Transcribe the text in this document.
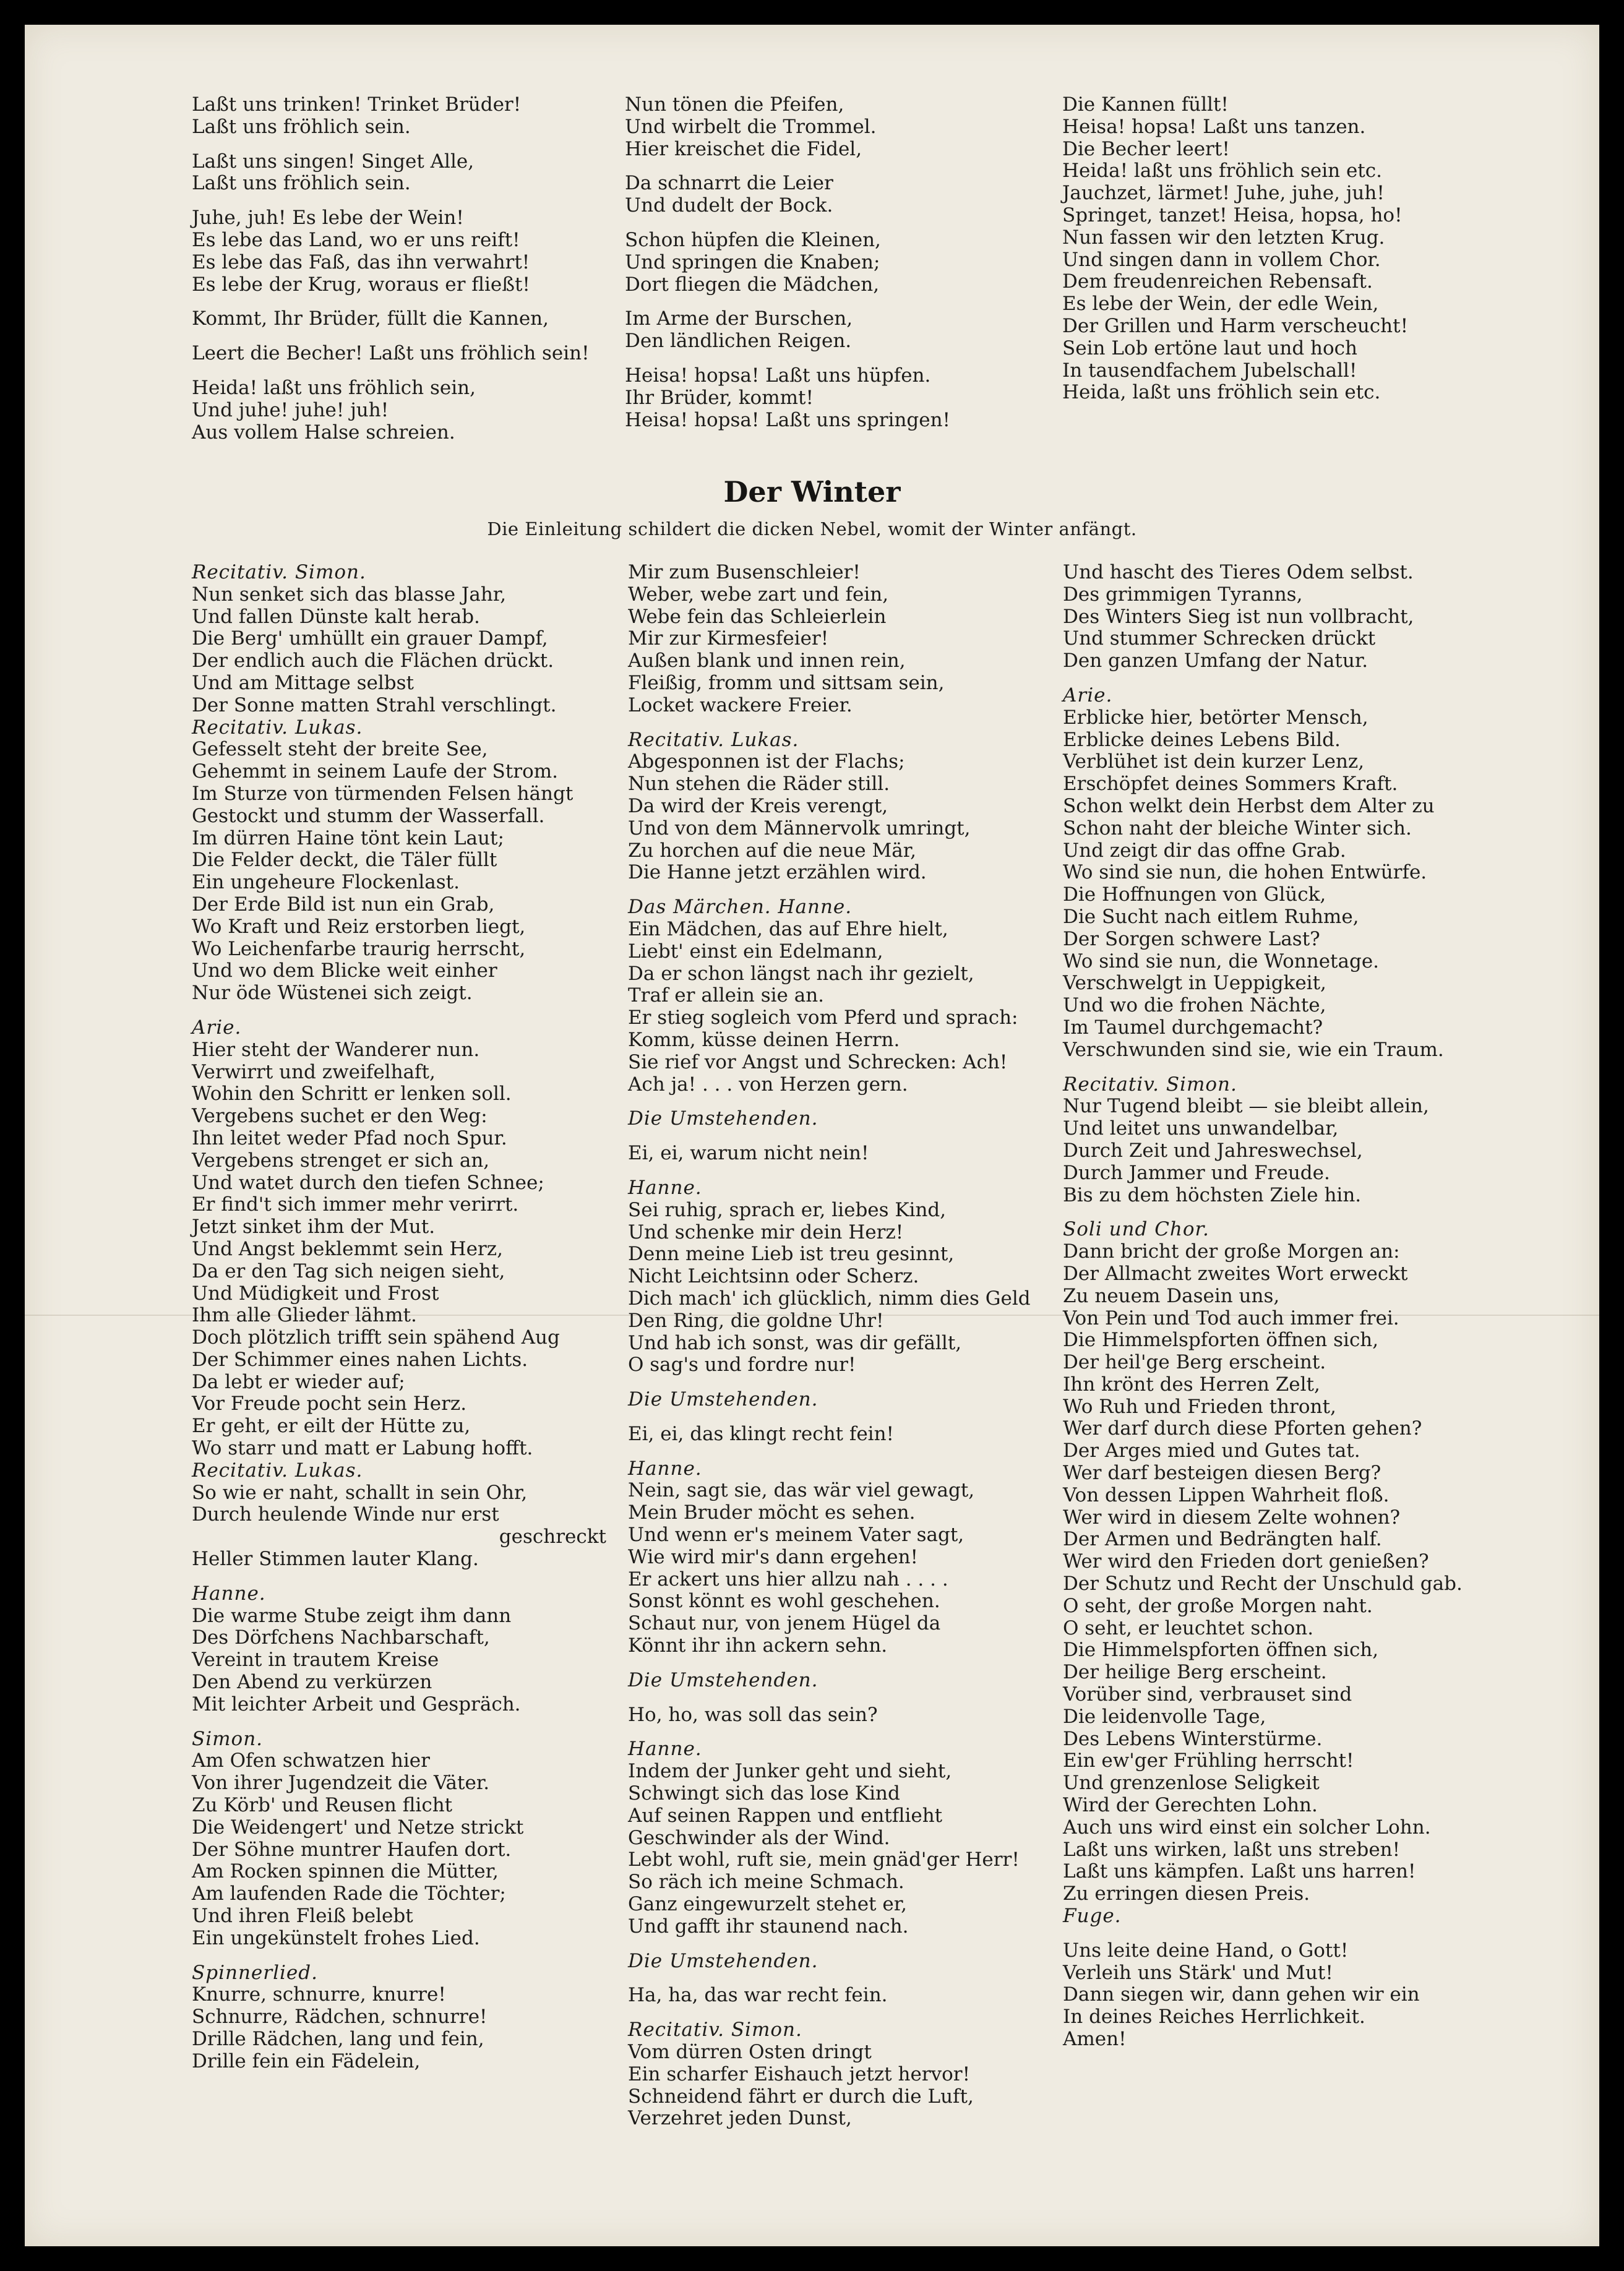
Laßt uns trinken! Trinket Brüder!
Laßt uns fröhlich sein.
Laßt uns singen! Singet Alle,
Laßt uns fröhlich sein.
Juhe, juh! Es lebe der Wein!
Es lebe das Land, wo er uns reift!
Es lebe das Faß, das ihn verwahrt!
Es lebe der Krug, woraus er fließt!
Kommt, Ihr Brüder, füllt die Kannen,
Leert die Becher! Laßt uns fröhlich sein!
Heida! laßt uns fröhlich sein,
Und juhe! juhe! juh!
Aus vollem Halse schreien.
Nun tönen die Pfeifen,
Und wirbelt die Trommel.
Hier kreischet die Fidel,
Da schnarrt die Leier
Und dudelt der Bock.
Schon hüpfen die Kleinen,
Und springen die Knaben;
Dort fliegen die Mädchen,
Im Arme der Burschen,
Den ländlichen Reigen.
Heisa! hopsa! Laßt uns hüpfen.
Ihr Brüder, kommt!
Heisa! hopsa! Laßt uns springen!
Die Kannen füllt!
Heisa! hopsa! Laßt uns tanzen.
Die Becher leert!
Heida! laßt uns fröhlich sein etc.
Jauchzet, lärmet! Juhe, juhe, juh!
Springet, tanzet! Heisa, hopsa, ho!
Nun fassen wir den letzten Krug.
Und singen dann in vollem Chor.
Dem freudenreichen Rebensaft.
Es lebe der Wein, der edle Wein,
Der Grillen und Harm verscheucht!
Sein Lob ertöne laut und hoch
In tausendfachem Jubelschall!
Heida, laßt uns fröhlich sein etc.
Der Winter
Die Einleitung schildert die dicken Nebel, womit der Winter anfängt.
Recitativ. Simon.
Nun senket sich das blasse Jahr,
Und fallen Dünste kalt herab.
Die Berg' umhüllt ein grauer Dampf,
Der endlich auch die Flächen drückt.
Und am Mittage selbst
Der Sonne matten Strahl verschlingt.
Recitativ. Lukas.
Gefesselt steht der breite See,
Gehemmt in seinem Laufe der Strom.
Im Sturze von türmenden Felsen hängt
Gestockt und stumm der Wasserfall.
Im dürren Haine tönt kein Laut;
Die Felder deckt, die Täler füllt
Ein ungeheure Flockenlast.
Der Erde Bild ist nun ein Grab,
Wo Kraft und Reiz erstorben liegt,
Wo Leichenfarbe traurig herrscht,
Und wo dem Blicke weit einher
Nur öde Wüstenei sich zeigt.
Arie.
Hier steht der Wanderer nun.
Verwirrt und zweifelhaft,
Wohin den Schritt er lenken soll.
Vergebens suchet er den Weg:
Ihn leitet weder Pfad noch Spur.
Vergebens strenget er sich an,
Und watet durch den tiefen Schnee;
Er find't sich immer mehr verirrt.
Jetzt sinket ihm der Mut.
Und Angst beklemmt sein Herz,
Da er den Tag sich neigen sieht,
Und Müdigkeit und Frost
Ihm alle Glieder lähmt.
Doch plötzlich trifft sein spähend Aug
Der Schimmer eines nahen Lichts.
Da lebt er wieder auf;
Vor Freude pocht sein Herz.
Er geht, er eilt der Hütte zu,
Wo starr und matt er Labung hofft.
Recitativ. Lukas.
So wie er naht, schallt in sein Ohr,
Durch heulende Winde nur erst
geschreckt
Heller Stimmen lauter Klang.
Hanne.
Die warme Stube zeigt ihm dann
Des Dörfchens Nachbarschaft,
Vereint in trautem Kreise
Den Abend zu verkürzen
Mit leichter Arbeit und Gespräch.
Simon.
Am Ofen schwatzen hier
Von ihrer Jugendzeit die Väter.
Zu Körb' und Reusen flicht
Die Weidengert' und Netze strickt
Der Söhne muntrer Haufen dort.
Am Rocken spinnen die Mütter,
Am laufenden Rade die Töchter;
Und ihren Fleiß belebt
Ein ungekünstelt frohes Lied.
Spinnerlied.
Knurre, schnurre, knurre!
Schnurre, Rädchen, schnurre!
Drille Rädchen, lang und fein,
Drille fein ein Fädelein,
Mir zum Busenschleier!
Weber, webe zart und fein,
Webe fein das Schleierlein
Mir zur Kirmesfeier!
Außen blank und innen rein,
Fleißig, fromm und sittsam sein,
Locket wackere Freier.
Recitativ. Lukas.
Abgesponnen ist der Flachs;
Nun stehen die Räder still.
Da wird der Kreis verengt,
Und von dem Männervolk umringt,
Zu horchen auf die neue Mär,
Die Hanne jetzt erzählen wird.
Das Märchen. Hanne.
Ein Mädchen, das auf Ehre hielt,
Liebt' einst ein Edelmann,
Da er schon längst nach ihr gezielt,
Traf er allein sie an.
Er stieg sogleich vom Pferd und sprach:
Komm, küsse deinen Herrn.
Sie rief vor Angst und Schrecken: Ach!
Ach ja! . . . von Herzen gern.
Die Umstehenden.
Ei, ei, warum nicht nein!
Hanne.
Sei ruhig, sprach er, liebes Kind,
Und schenke mir dein Herz!
Denn meine Lieb ist treu gesinnt,
Nicht Leichtsinn oder Scherz.
Dich mach' ich glücklich, nimm dies Geld
Den Ring, die goldne Uhr!
Und hab ich sonst, was dir gefällt,
O sag's und fordre nur!
Die Umstehenden.
Ei, ei, das klingt recht fein!
Hanne.
Nein, sagt sie, das wär viel gewagt,
Mein Bruder möcht es sehen.
Und wenn er's meinem Vater sagt,
Wie wird mir's dann ergehen!
Er ackert uns hier allzu nah . . . .
Sonst könnt es wohl geschehen.
Schaut nur, von jenem Hügel da
Könnt ihr ihn ackern sehn.
Die Umstehenden.
Ho, ho, was soll das sein?
Hanne.
Indem der Junker geht und sieht,
Schwingt sich das lose Kind
Auf seinen Rappen und entflieht
Geschwinder als der Wind.
Lebt wohl, ruft sie, mein gnäd'ger Herr!
So räch ich meine Schmach.
Ganz eingewurzelt stehet er,
Und gafft ihr staunend nach.
Die Umstehenden.
Ha, ha, das war recht fein.
Recitativ. Simon.
Vom dürren Osten dringt
Ein scharfer Eishauch jetzt hervor!
Schneidend fährt er durch die Luft,
Verzehret jeden Dunst,
Und hascht des Tieres Odem selbst.
Des grimmigen Tyranns,
Des Winters Sieg ist nun vollbracht,
Und stummer Schrecken drückt
Den ganzen Umfang der Natur.
Arie.
Erblicke hier, betörter Mensch,
Erblicke deines Lebens Bild.
Verblühet ist dein kurzer Lenz,
Erschöpfet deines Sommers Kraft.
Schon welkt dein Herbst dem Alter zu
Schon naht der bleiche Winter sich.
Und zeigt dir das offne Grab.
Wo sind sie nun, die hohen Entwürfe.
Die Hoffnungen von Glück,
Die Sucht nach eitlem Ruhme,
Der Sorgen schwere Last?
Wo sind sie nun, die Wonnetage.
Verschwelgt in Ueppigkeit,
Und wo die frohen Nächte,
Im Taumel durchgemacht?
Verschwunden sind sie, wie ein Traum.
Recitativ. Simon.
Nur Tugend bleibt — sie bleibt allein,
Und leitet uns unwandelbar,
Durch Zeit und Jahreswechsel,
Durch Jammer und Freude.
Bis zu dem höchsten Ziele hin.
Soli und Chor.
Dann bricht der große Morgen an:
Der Allmacht zweites Wort erweckt
Zu neuem Dasein uns,
Von Pein und Tod auch immer frei.
Die Himmelspforten öffnen sich,
Der heil'ge Berg erscheint.
Ihn krönt des Herren Zelt,
Wo Ruh und Frieden thront,
Wer darf durch diese Pforten gehen?
Der Arges mied und Gutes tat.
Wer darf besteigen diesen Berg?
Von dessen Lippen Wahrheit floß.
Wer wird in diesem Zelte wohnen?
Der Armen und Bedrängten half.
Wer wird den Frieden dort genießen?
Der Schutz und Recht der Unschuld gab.
O seht, der große Morgen naht.
O seht, er leuchtet schon.
Die Himmelspforten öffnen sich,
Der heilige Berg erscheint.
Vorüber sind, verbrauset sind
Die leidenvolle Tage,
Des Lebens Winterstürme.
Ein ew'ger Frühling herrscht!
Und grenzenlose Seligkeit
Wird der Gerechten Lohn.
Auch uns wird einst ein solcher Lohn.
Laßt uns wirken, laßt uns streben!
Laßt uns kämpfen. Laßt uns harren!
Zu erringen diesen Preis.
Fuge.
Uns leite deine Hand, o Gott!
Verleih uns Stärk' und Mut!
Dann siegen wir, dann gehen wir ein
In deines Reiches Herrlichkeit.
Amen!
